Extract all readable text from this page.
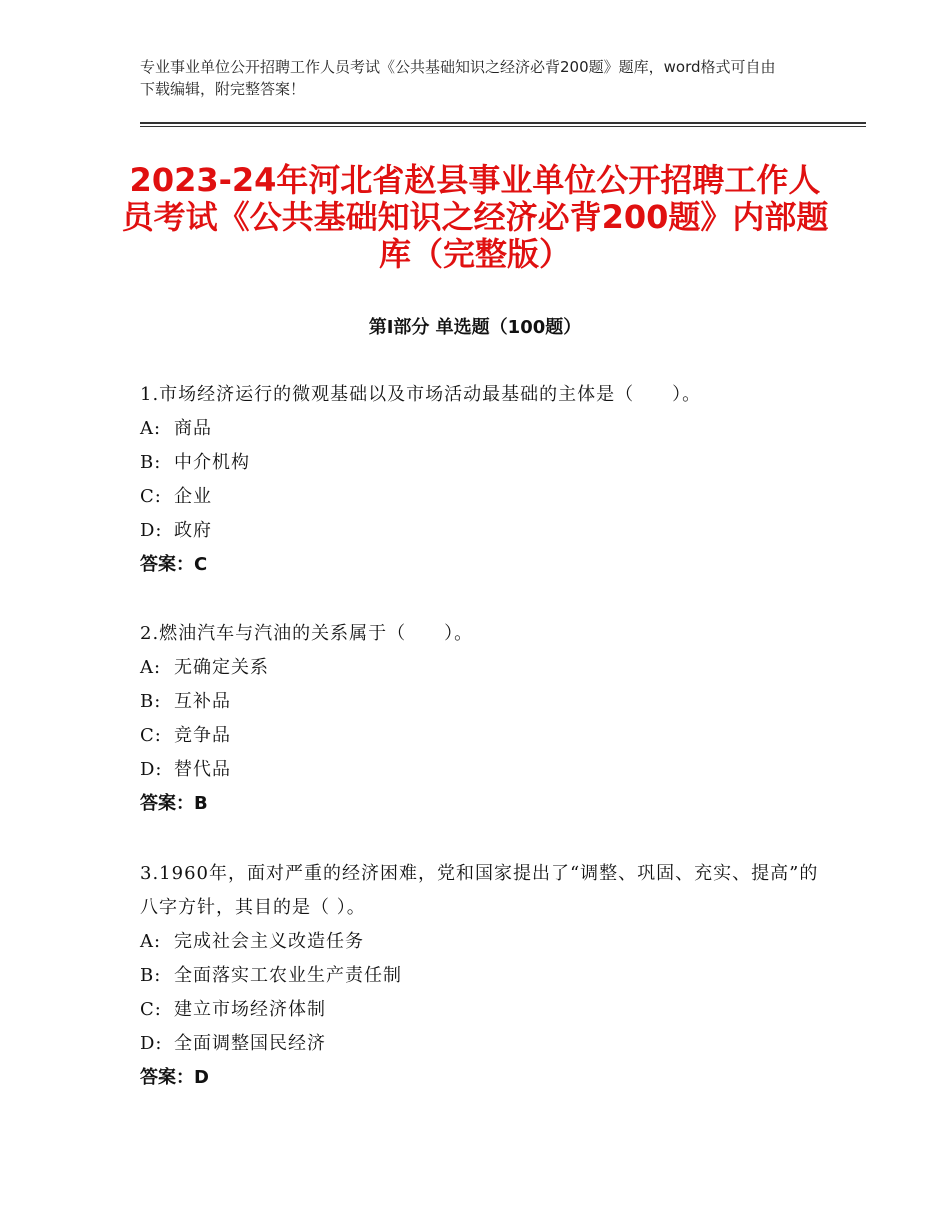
专业事业单位公开招聘工作人员考试《公共基础知识之经济必背200题》题库，word格式可自由下载编辑，附完整答案！
2023-24年河北省赵县事业单位公开招聘工作人员考试《公共基础知识之经济必背200题》内部题库（完整版）
第Ⅰ部分 单选题（100题）

1.市场经济运行的微观基础以及市场活动最基础的主体是（　　）。

A: 商品

B: 中介机构

C: 企业

D: 政府

答案：C

2.燃油汽车与汽油的关系属于（　　）。

A: 无确定关系

B: 互补品

C: 竞争品

D: 替代品

答案：B

3.1960年，面对严重的经济困难，党和国家提出了“调整、巩固、充实、提高”的八字方针，其目的是（ ）。

A: 完成社会主义改造任务

B: 全面落实工农业生产责任制

C: 建立市场经济体制

D: 全面调整国民经济

答案：D
